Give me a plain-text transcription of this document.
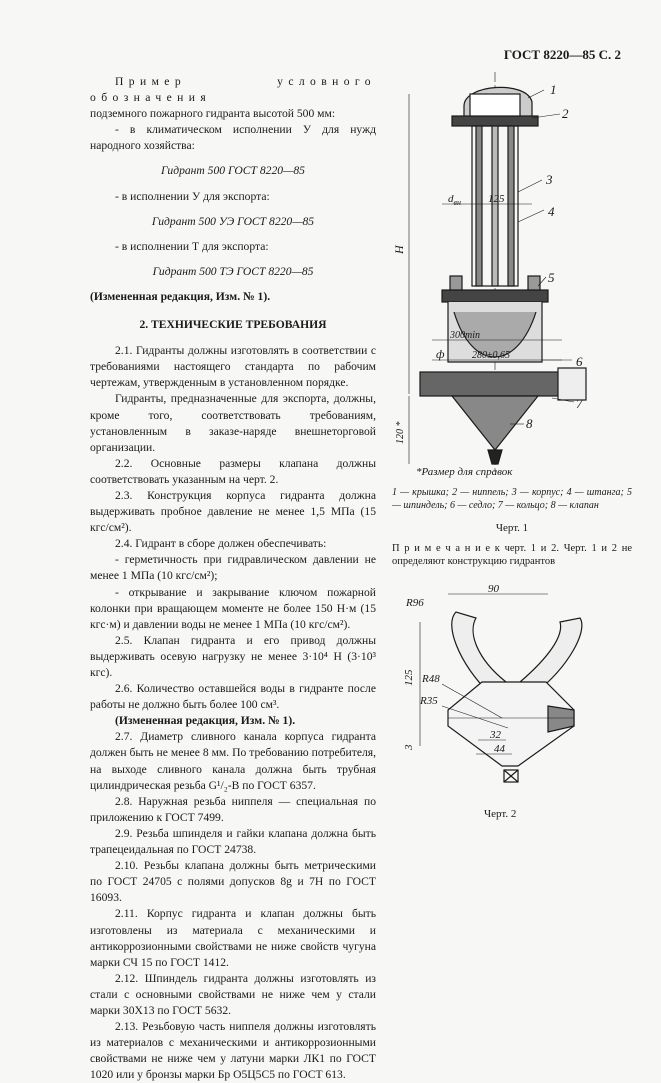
ГОСТ 8220—85 С. 2

Пример условного обозначения

подземного пожарного гидранта высотой 500 мм:

- в климатическом исполнении У для нужд народного хозяйства:

Гидрант 500 ГОСТ 8220—85

- в исполнении У для экспорта:

Гидрант 500 УЭ ГОСТ 8220—85

- в исполнении Т для экспорта:

Гидрант 500 ТЭ ГОСТ 8220—85

(Измененная редакция, Изм. № 1).

2. ТЕХНИЧЕСКИЕ ТРЕБОВАНИЯ

2.1. Гидранты должны изготовлять в соответствии с требованиями настоящего стандарта по рабочим чертежам, утвержденным в установленном порядке.

Гидранты, предназначенные для экспорта, должны, кроме того, соответствовать требованиям, установленным в заказе-наряде внешнеторговой организации.

2.2. Основные размеры клапана должны соответствовать указанным на черт. 2.

2.3. Конструкция корпуса гидранта должна выдерживать пробное давление не менее 1,5 МПа (15 кгс/см²).

2.4. Гидрант в сборе должен обеспечивать:

- герметичность при гидравлическом давлении не менее 1 МПа (10 кгс/см²);

- открывание и закрывание ключом пожарной колонки при вращающем моменте не более 150 Н·м (15 кгс·м) и давлении воды не менее 1 МПа (10 кгс/см²).

2.5. Клапан гидранта и его привод должны выдерживать осевую нагрузку не менее 3·10⁴ Н (3·10³ кгс).

2.6. Количество оставшейся воды в гидранте после работы не должно быть более 100 см³.

(Измененная редакция, Изм. № 1).

2.7. Диаметр сливного канала корпуса гидранта должен быть не менее 8 мм. По требованию потребителя, на выходе сливного канала должна быть трубная цилиндрическая резьба G¹/₂-В по ГОСТ 6357.

2.8. Наружная резьба ниппеля — специальная по приложению к ГОСТ 7499.

2.9. Резьба шпинделя и гайки клапана должна быть трапецеидальная по ГОСТ 24738.

2.10. Резьбы клапана должны быть метрическими по ГОСТ 24705 с полями допусков 8g и 7H по ГОСТ 16093.

2.11. Корпус гидранта и клапан должны быть изготовлены из материала с механическими и антикоррозионными свойствами не ниже свойств чугуна марки СЧ 15 по ГОСТ 1412.

2.12. Шпиндель гидранта должны изготовлять из стали с основными свойствами не ниже чем у стали марки 30Х13 по ГОСТ 5632.

2.13. Резьбовую часть ниппеля должны изготовлять из материалов с механическими и антикоррозионными свойствами не ниже чем у латуни марки ЛК1 по ГОСТ 1020 или у бронзы марки Бр О5Ц5С5 по ГОСТ 613.

1
2
3
4
5
6
7
8
$d_{вн}$ 125
H
300min
280±0,65
ф
120 *
*Размер для справок
1 — крышка; 2 — ниппель; 3 — корпус; 4 — штанга; 5 — шпиндель; 6 — седло; 7 — кольцо; 8 — клапан
Черт. 1
П р и м е ч а н и е к черт. 1 и 2. Черт. 1 и 2 не определяют конструкцию гидрантов
90
R96
125 R48
R35
32
44
3
Черт. 2
